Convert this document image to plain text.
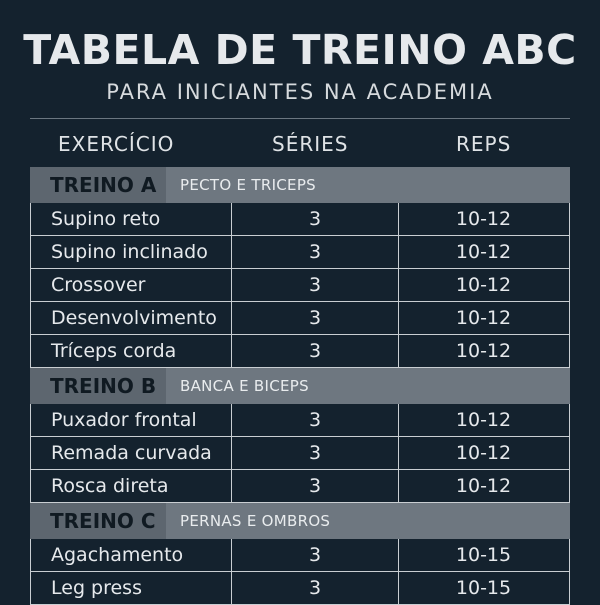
TABELA DE TREINO ABC
PARA INICIANTES NA ACADEMIA
EXERCÍCIO	SÉRIES	REPS
TREINO A	PECTO E TRICEPS
Supino reto	3	10-12
Supino inclinado	3	10-12
Crossover	3	10-12
Desenvolvimento	3	10-12
Tríceps corda	3	10-12
TREINO B	BANCA E BICEPS
Puxador frontal	3	10-12
Remada curvada	3	10-12
Rosca direta	3	10-12
TREINO C	PERNAS E OMBROS
Agachamento	3	10-15
Leg press	3	10-15
